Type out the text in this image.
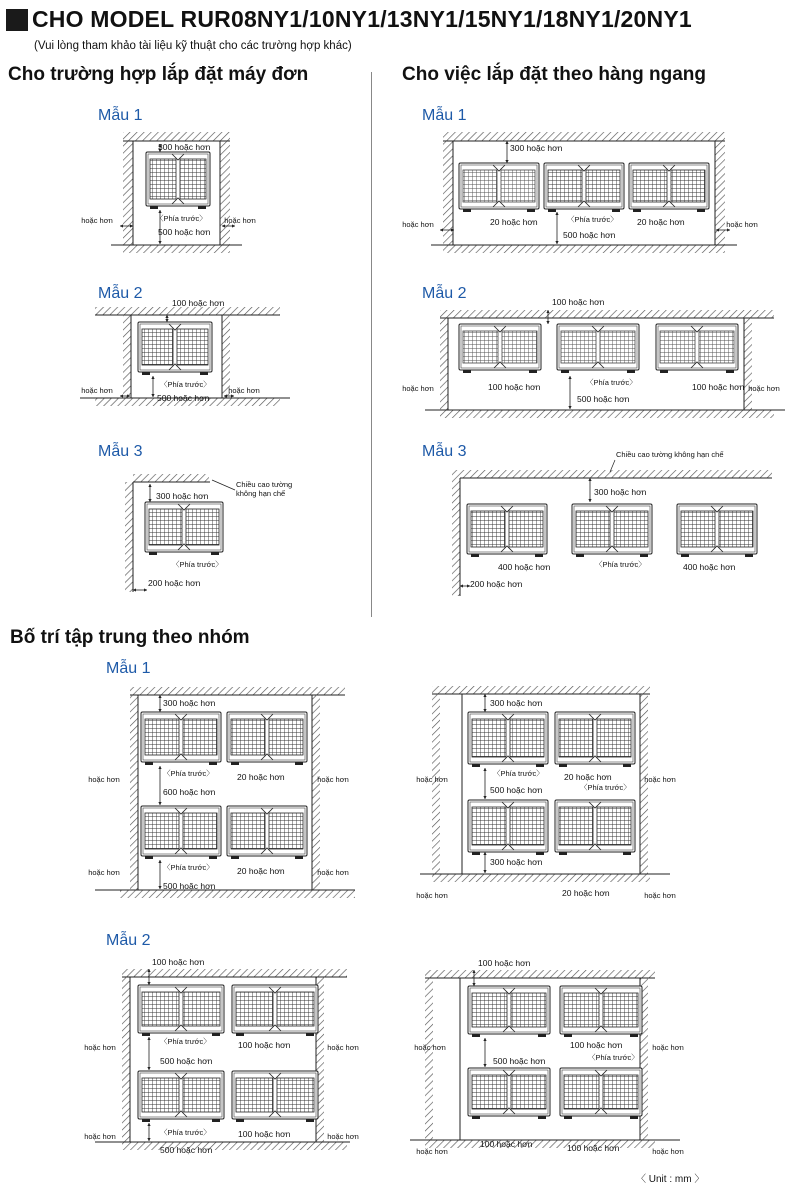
CHO MODEL RUR08NY1/10NY1/13NY1/15NY1/18NY1/20NY1
(Vui lòng tham khảo tài liệu kỹ thuật cho các trường hợp khác)
Cho trường hợp lắp đặt máy đơn	Cho việc lắp đặt theo hàng ngang
Bố trí tập trung theo nhóm
Mẫu 1
Mẫu 2
Mẫu 3
Mẫu 1
Mẫu 2
Mẫu 3
Mẫu 1
Mẫu 2
300 hoặc hơn
〈Phía trước〉
500 hoặc hơn
hoặc hơn	hoặc hơn
100 hoặc hơn
〈Phía trước〉
500 hoặc hơn
hoặc hơn	hoặc hơn
300 hoặc hơn
Chiều cao tường
không hạn chế
〈Phía trước〉
200 hoặc hơn
300 hoặc hơn
〈Phía trước〉
500 hoặc hơn
20 hoặc hơn	20 hoặc hơn
hoặc hơn	hoặc hơn
100 hoặc hơn
〈Phía trước〉
500 hoặc hơn
100 hoặc hơn	100 hoặc hơn
hoặc hơn	hoặc hơn
Chiều cao tường không hạn chế
300 hoặc hơn
〈Phía trước〉
400 hoặc hơn	400 hoặc hơn
200 hoặc hơn
300 hoặc hơn
〈Phía trước〉	20 hoặc hơn
600 hoặc hơn
〈Phía trước〉	20 hoặc hơn
500 hoặc hơn
hoặc hơn	hoặc hơn
hoặc hơn	hoặc hơn
300 hoặc hơn
〈Phía trước〉 20 hoặc hơn
〈Phía trước〉
500 hoặc hơn
300 hoặc hơn
20 hoặc hơn
hoặc hơn	hoặc hơn
hoặc hơn	hoặc hơn
100 hoặc hơn
〈Phía trước〉	100 hoặc hơn
500 hoặc hơn
〈Phía trước〉	100 hoặc hơn
500 hoặc hơn
hoặc hơn	hoặc hơn
hoặc hơn	hoặc hơn
100 hoặc hơn
100 hoặc hơn
〈Phía trước〉
500 hoặc hơn
100 hoặc hơn	100 hoặc hơn
hoặc hơn	hoặc hơn
hoặc hơn	hoặc hơn
〈 Unit : mm 〉
